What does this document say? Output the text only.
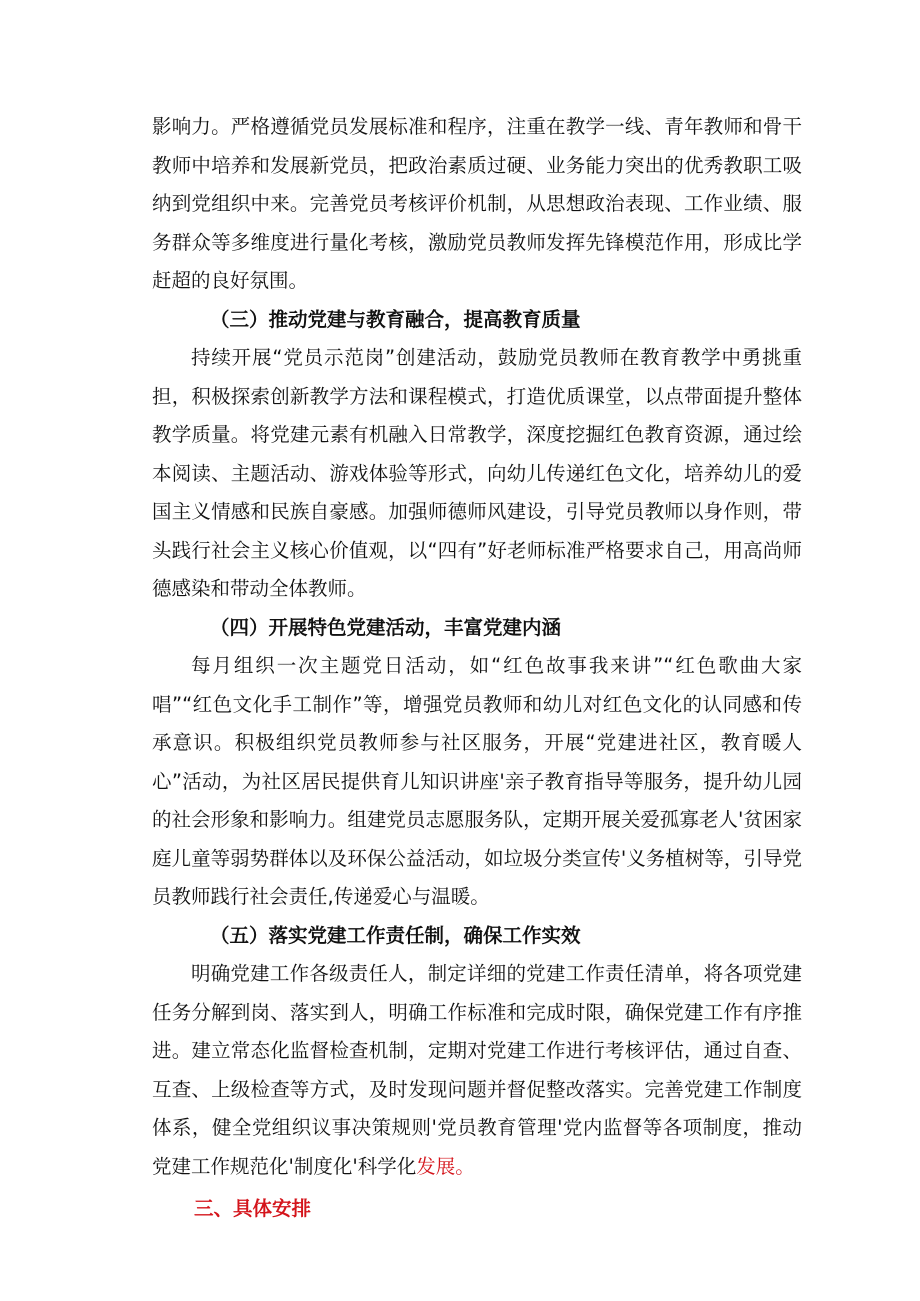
影响力。严格遵循党员发展标准和程序，注重在教学一线、青年教师和骨干教师中培养和发展新党员，把政治素质过硬、业务能力突出的优秀教职工吸纳到党组织中来。完善党员考核评价机制，从思想政治表现、工作业绩、服务群众等多维度进行量化考核，激励党员教师发挥先锋模范作用，形成比学赶超的良好氛围。

（三）推动党建与教育融合，提高教育质量

持续开展“党员示范岗”创建活动，鼓励党员教师在教育教学中勇挑重担，积极探索创新教学方法和课程模式，打造优质课堂，以点带面提升整体教学质量。将党建元素有机融入日常教学，深度挖掘红色教育资源，通过绘本阅读、主题活动、游戏体验等形式，向幼儿传递红色文化，培养幼儿的爱国主义情感和民族自豪感。加强师德师风建设，引导党员教师以身作则，带头践行社会主义核心价值观，以“四有”好老师标准严格要求自己，用高尚师德感染和带动全体教师。

（四）开展特色党建活动，丰富党建内涵

每月组织一次主题党日活动，如“红色故事我来讲”“红色歌曲大家唱”“红色文化手工制作”等，增强党员教师和幼儿对红色文化的认同感和传承意识。积极组织党员教师参与社区服务，开展“党建进社区，教育暖人心”活动，为社区居民提供育儿知识讲座'亲子教育指导等服务，提升幼儿园的社会形象和影响力。组建党员志愿服务队，定期开展关爱孤寡老人'贫困家庭儿童等弱势群体以及环保公益活动，如垃圾分类宣传'义务植树等，引导党员教师践行社会责任,传递爱心与温暖。

（五）落实党建工作责任制，确保工作实效

明确党建工作各级责任人，制定详细的党建工作责任清单，将各项党建任务分解到岗、落实到人，明确工作标准和完成时限，确保党建工作有序推进。建立常态化监督检查机制，定期对党建工作进行考核评估，通过自查、互查、上级检查等方式，及时发现问题并督促整改落实。完善党建工作制度体系，健全党组织议事决策规则'党员教育管理'党内监督等各项制度，推动党建工作规范化'制度化'科学化发展。

三、具体安排
